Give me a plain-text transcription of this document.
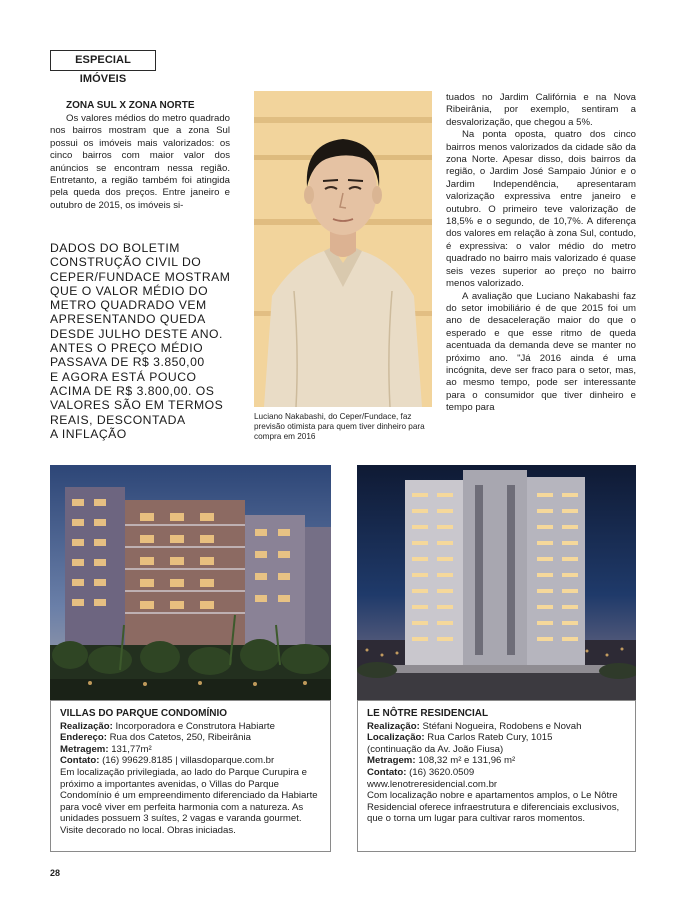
ESPECIAL IMÓVEIS
ZONA SUL X ZONA NORTE

Os valores médios do metro quadrado nos bairros mostram que a zona Sul possui os imóveis mais valorizados: os cinco bairros com maior valor dos anúncios se encontram nessa região. Entretanto, a região também foi atingida pela queda dos preços. Entre janeiro e outubro de 2015, os imóveis si-

DADOS DO BOLETIM
CONSTRUÇÃO CIVIL DO
CEPER/FUNDACE MOSTRAM
QUE O VALOR MÉDIO DO
METRO QUADRADO VEM
APRESENTANDO QUEDA
DESDE JULHO DESTE ANO.
ANTES O PREÇO MÉDIO
PASSAVA DE R$ 3.850,00
E AGORA ESTÁ POUCO
ACIMA DE R$ 3.800,00. OS
VALORES SÃO EM TERMOS
REAIS, DESCONTADA
A INFLAÇÃO
Luciano Nakabashi, do Ceper/Fundace, faz previsão otimista para quem tiver dinheiro para compra em 2016

tuados no Jardim Califórnia e na Nova Ribeirânia, por exemplo, sentiram a desvalorização, que chegou a 5%.

Na ponta oposta, quatro dos cinco bairros menos valorizados da cidade são da zona Norte. Apesar disso, dois bairros da região, o Jardim José Sampaio Júnior e o Jardim Independência, apresentaram valorização expressiva entre janeiro e outubro. O primeiro teve valorização de 18,5% e o segundo, de 10,7%. A diferença dos valores em relação à zona Sul, contudo, é expressiva: o valor médio do metro quadrado no bairro mais valorizado é quase seis vezes superior ao preço no bairro menos valorizado.

A avaliação que Luciano Nakabashi faz do setor imobiliário é de que 2015 foi um ano de desaceleração maior do que o esperado e que esse ritmo de queda acentuada da demanda deve se manter no próximo ano. "Já 2016 ainda é uma incógnita, deve ser fraco para o setor, mas, ao mesmo tempo, pode ser interessante para o consumidor que tiver dinheiro e tempo para

VILLAS DO PARQUE CONDOMÍNIO
Realização: Incorporadora e Construtora Habiarte
Endereço: Rua dos Catetos, 250, Ribeirânia
Metragem: 131,77m²
Contato: (16) 99629.8185 | villasdoparque.com.br
Em localização privilegiada, ao lado do Parque Curupira e próximo a importantes avenidas, o Villas do Parque Condomínio é um empreendimento diferenciado da Habiarte para você viver em perfeita harmonia com a natureza. As unidades possuem 3 suítes, 2 vagas e varanda gourmet. Visite decorado no local. Obras iniciadas.
LE NÔTRE RESIDENCIAL
Realização: Stéfani Nogueira, Rodobens e Novah
Localização: Rua Carlos Rateb Cury, 1015
(continuação da Av. João Fiusa)
Metragem: 108,32 m² e 131,96 m²
Contato: (16) 3620.0509
www.lenotreresidencial.com.br
Com localização nobre e apartamentos amplos, o Le Nôtre Residencial oferece infraestrutura e diferenciais exclusivos, que o torna um lugar para cultivar raros momentos.
28
